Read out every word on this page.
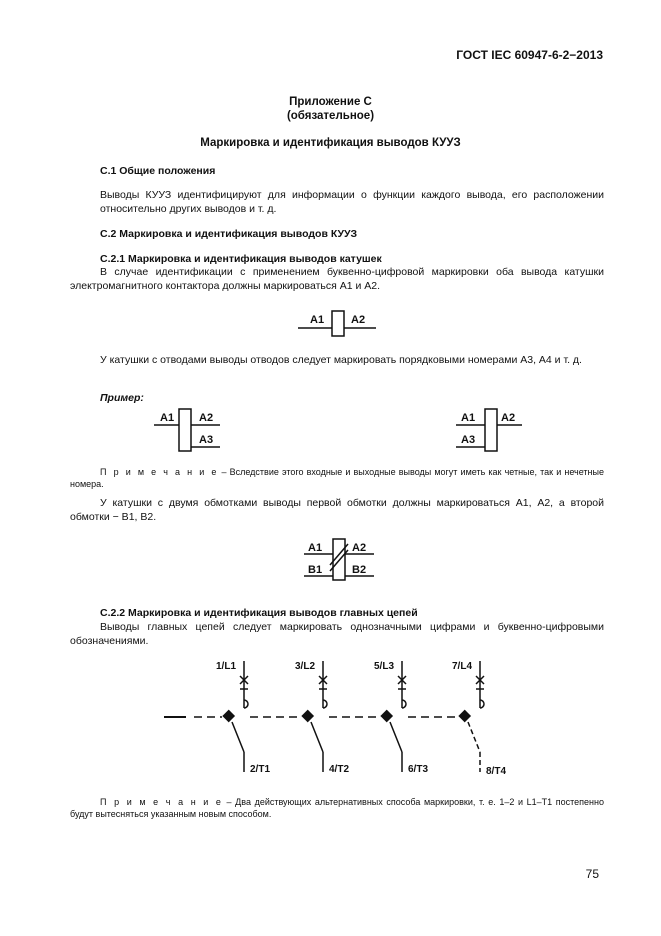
ГОСТ IEC 60947-6-2−2013
Приложение С
(обязательное)
Маркировка и идентификация выводов КУУЗ
С.1 Общие положения
Выводы КУУЗ идентифицируют для информации о функции каждого вывода, его расположении относительно других выводов и т. д.
С.2 Маркировка и идентификация выводов КУУЗ
С.2.1 Маркировка и идентификация выводов катушек
В случае идентификации с применением буквенно-цифровой маркировки оба вывода катушки электромагнитного контактора должны маркироваться А1 и А2.
А1 А2
У катушки с отводами выводы отводов следует маркировать порядковыми номерами А3, А4 и т. д.
Пример:
А1 А2
А3
А1 А2
А3
П р и м е ч а н и е – Вследствие этого входные и выходные выводы могут иметь как четные, так и нечетные номера.
У катушки с двумя обмотками выводы первой обмотки должны маркироваться А1, А2, а второй обмотки − В1, В2.
А1	А2
В1	В2
С.2.2 Маркировка и идентификация выводов главных цепей
Выводы главных цепей следует маркировать однозначными цифрами и буквенно-цифровыми обозначениями.
1/L1
2/T1
3/L2
4/T2
5/L3
6/T3
7/L4
8/T4
П р и м е ч а н и е – Два действующих альтернативных способа маркировки, т. е. 1–2 и L1–T1 постепенно будут вытесняться указанным новым способом.
75
